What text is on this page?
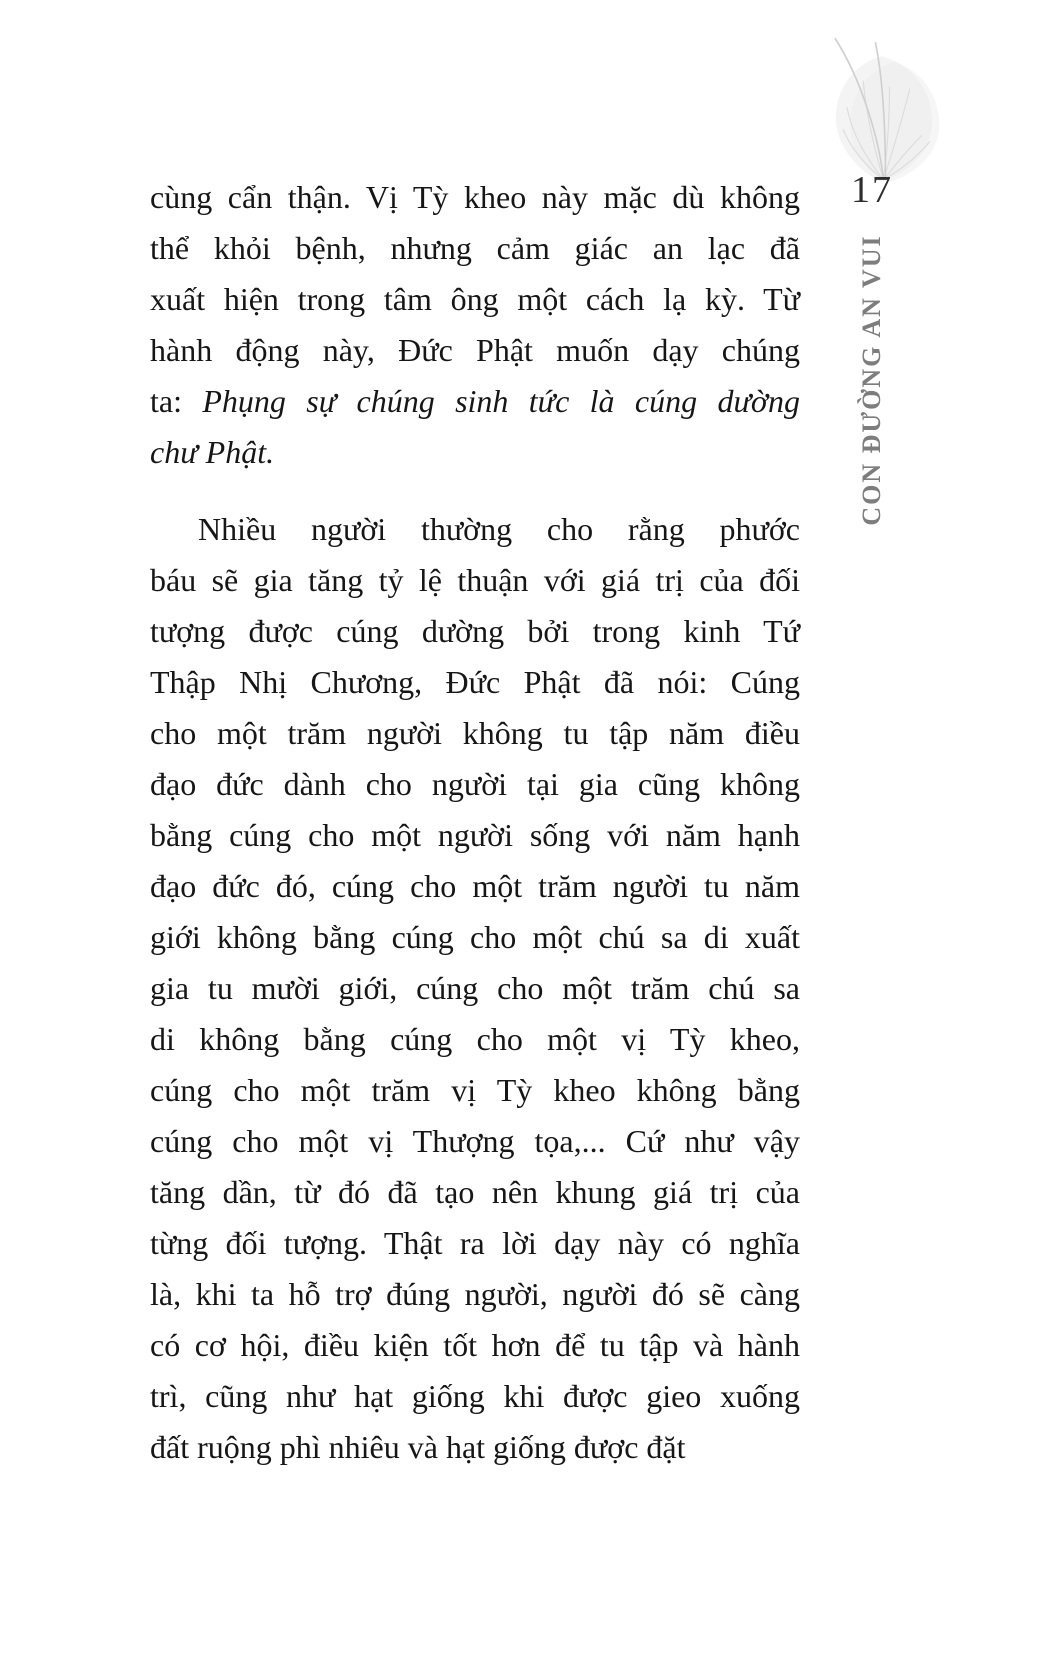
17
CON ĐƯỜNG AN VUI
cùng cẩn thận. Vị Tỳ kheo này mặc dù không
thể khỏi bệnh, nhưng cảm giác an lạc đã
xuất hiện trong tâm ông một cách lạ kỳ. Từ
hành động này, Đức Phật muốn dạy chúng
ta: Phụng sự chúng sinh tức là cúng dường
chư Phật.
Nhiều người thường cho rằng phước
báu sẽ gia tăng tỷ lệ thuận với giá trị của đối
tượng được cúng dường bởi trong kinh Tứ
Thập Nhị Chương, Đức Phật đã nói: Cúng
cho một trăm người không tu tập năm điều
đạo đức dành cho người tại gia cũng không
bằng cúng cho một người sống với năm hạnh
đạo đức đó, cúng cho một trăm người tu năm
giới không bằng cúng cho một chú sa di xuất
gia tu mười giới, cúng cho một trăm chú sa
di không bằng cúng cho một vị Tỳ kheo,
cúng cho một trăm vị Tỳ kheo không bằng
cúng cho một vị Thượng tọa,... Cứ như vậy
tăng dần, từ đó đã tạo nên khung giá trị của
từng đối tượng. Thật ra lời dạy này có nghĩa
là, khi ta hỗ trợ đúng người, người đó sẽ càng
có cơ hội, điều kiện tốt hơn để tu tập và hành
trì, cũng như hạt giống khi được gieo xuống
đất ruộng phì nhiêu và hạt giống được đặt
